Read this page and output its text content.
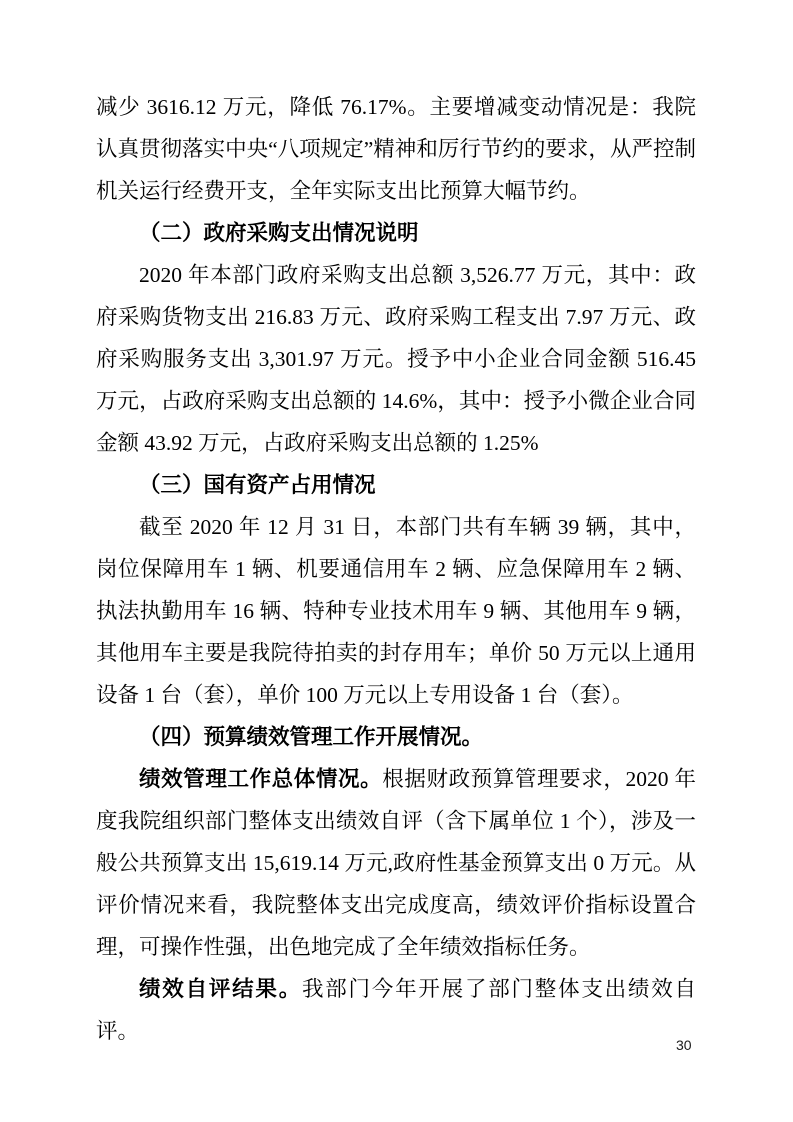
减少 3616.12 万元，降低 76.17%。主要增减变动情况是：我院认真贯彻落实中央“八项规定”精神和厉行节约的要求，从严控制机关运行经费开支，全年实际支出比预算大幅节约。

（二）政府采购支出情况说明

2020 年本部门政府采购支出总额 3,526.77 万元，其中：政府采购货物支出 216.83 万元、政府采购工程支出 7.97 万元、政府采购服务支出 3,301.97 万元。授予中小企业合同金额 516.45 万元，占政府采购支出总额的 14.6%，其中：授予小微企业合同金额 43.92 万元，占政府采购支出总额的 1.25%

（三）国有资产占用情况

截至 2020 年 12 月 31 日，本部门共有车辆 39 辆，其中，岗位保障用车 1 辆、机要通信用车 2 辆、应急保障用车 2 辆、执法执勤用车 16 辆、特种专业技术用车 9 辆、其他用车 9 辆，其他用车主要是我院待拍卖的封存用车；单价 50 万元以上通用设备 1 台（套），单价 100 万元以上专用设备 1 台（套）。

（四）预算绩效管理工作开展情况。

绩效管理工作总体情况。根据财政预算管理要求，2020 年度我院组织部门整体支出绩效自评（含下属单位 1 个），涉及一般公共预算支出 15,619.14 万元,政府性基金预算支出 0 万元。从评价情况来看，我院整体支出完成度高，绩效评价指标设置合理，可操作性强，出色地完成了全年绩效指标任务。

绩效自评结果。我部门今年开展了部门整体支出绩效自评。

30
